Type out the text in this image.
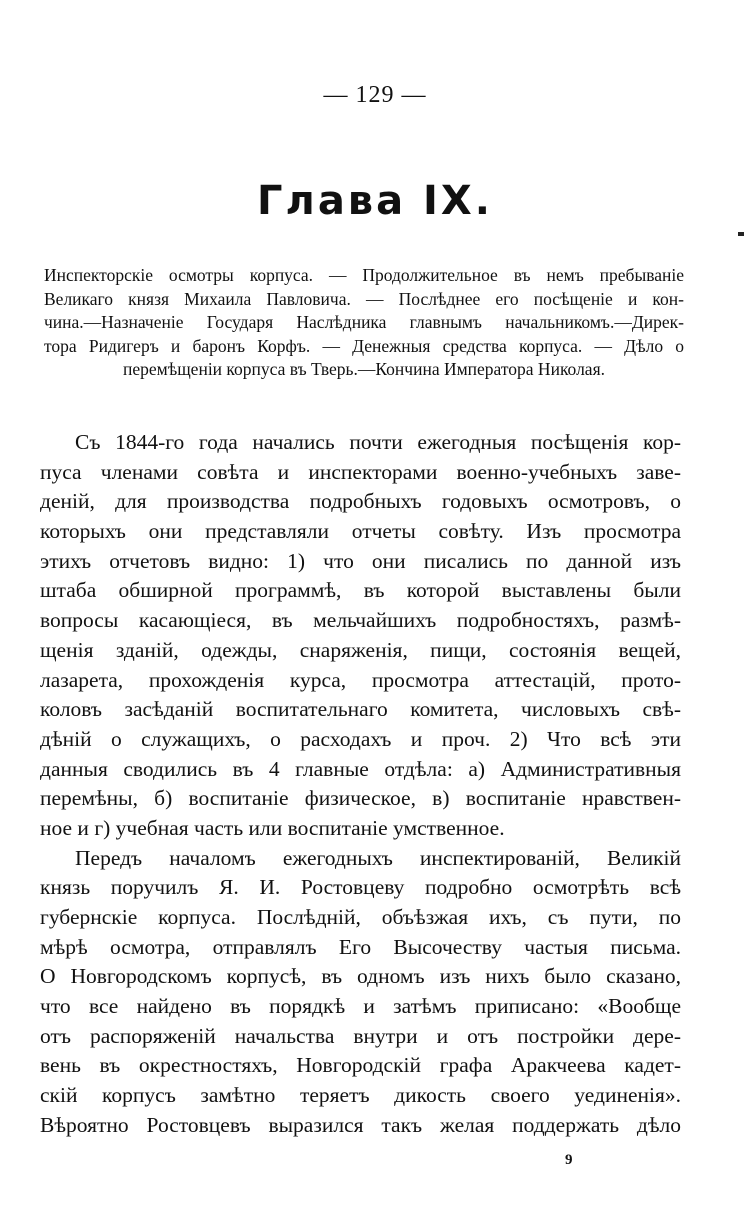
— 129 —
Глава IX.
Инспекторскіе осмотры корпуса. — Продолжительное въ немъ пребываніе
Великаго князя Михаила Павловича. — Послѣднее его посѣщеніе и кон-
чина.—Назначеніе Государя Наслѣдника главнымъ начальникомъ.—Дирек-
тора Ридигеръ и баронъ Корфъ. — Денежныя средства корпуса. — Дѣло о
перемѣщеніи корпуса въ Тверь.—Кончина Императора Николая.
Съ 1844-го года начались почти ежегодныя посѣщенія кор-
пуса членами совѣта и инспекторами военно-учебныхъ заве-
деній, для производства подробныхъ годовыхъ осмотровъ, о
которыхъ они представляли отчеты совѣту. Изъ просмотра
этихъ отчетовъ видно: 1) что они писались по данной изъ
штаба обширной программѣ, въ которой выставлены были
вопросы касающіеся, въ мельчайшихъ подробностяхъ, размѣ-
щенія зданій, одежды, снаряженія, пищи, состоянія вещей,
лазарета, прохожденія курса, просмотра аттестацій, прото-
коловъ засѣданій воспитательнаго комитета, числовыхъ свѣ-
дѣній о служащихъ, о расходахъ и проч. 2) Что всѣ эти
данныя сводились въ 4 главные отдѣла: а) Административныя
перемѣны, б) воспитаніе физическое, в) воспитаніе нравствен-
ное и г) учебная часть или воспитаніе умственное.
Передъ началомъ ежегодныхъ инспектированій, Великій
князь поручилъ Я. И. Ростовцеву подробно осмотрѣть всѣ
губернскіе корпуса. Послѣдній, объѣзжая ихъ, съ пути, по
мѣрѣ осмотра, отправлялъ Его Высочеству частыя письма.
О Новгородскомъ корпусѣ, въ одномъ изъ нихъ было сказано,
что все найдено въ порядкѣ и затѣмъ приписано: «Вообще
отъ распоряженій начальства внутри и отъ постройки дере-
вень въ окрестностяхъ, Новгородскій графа Аракчеева кадет-
скій корпусъ замѣтно теряетъ дикость своего уединенія».
Вѣроятно Ростовцевъ выразился такъ желая поддержать дѣло
9
